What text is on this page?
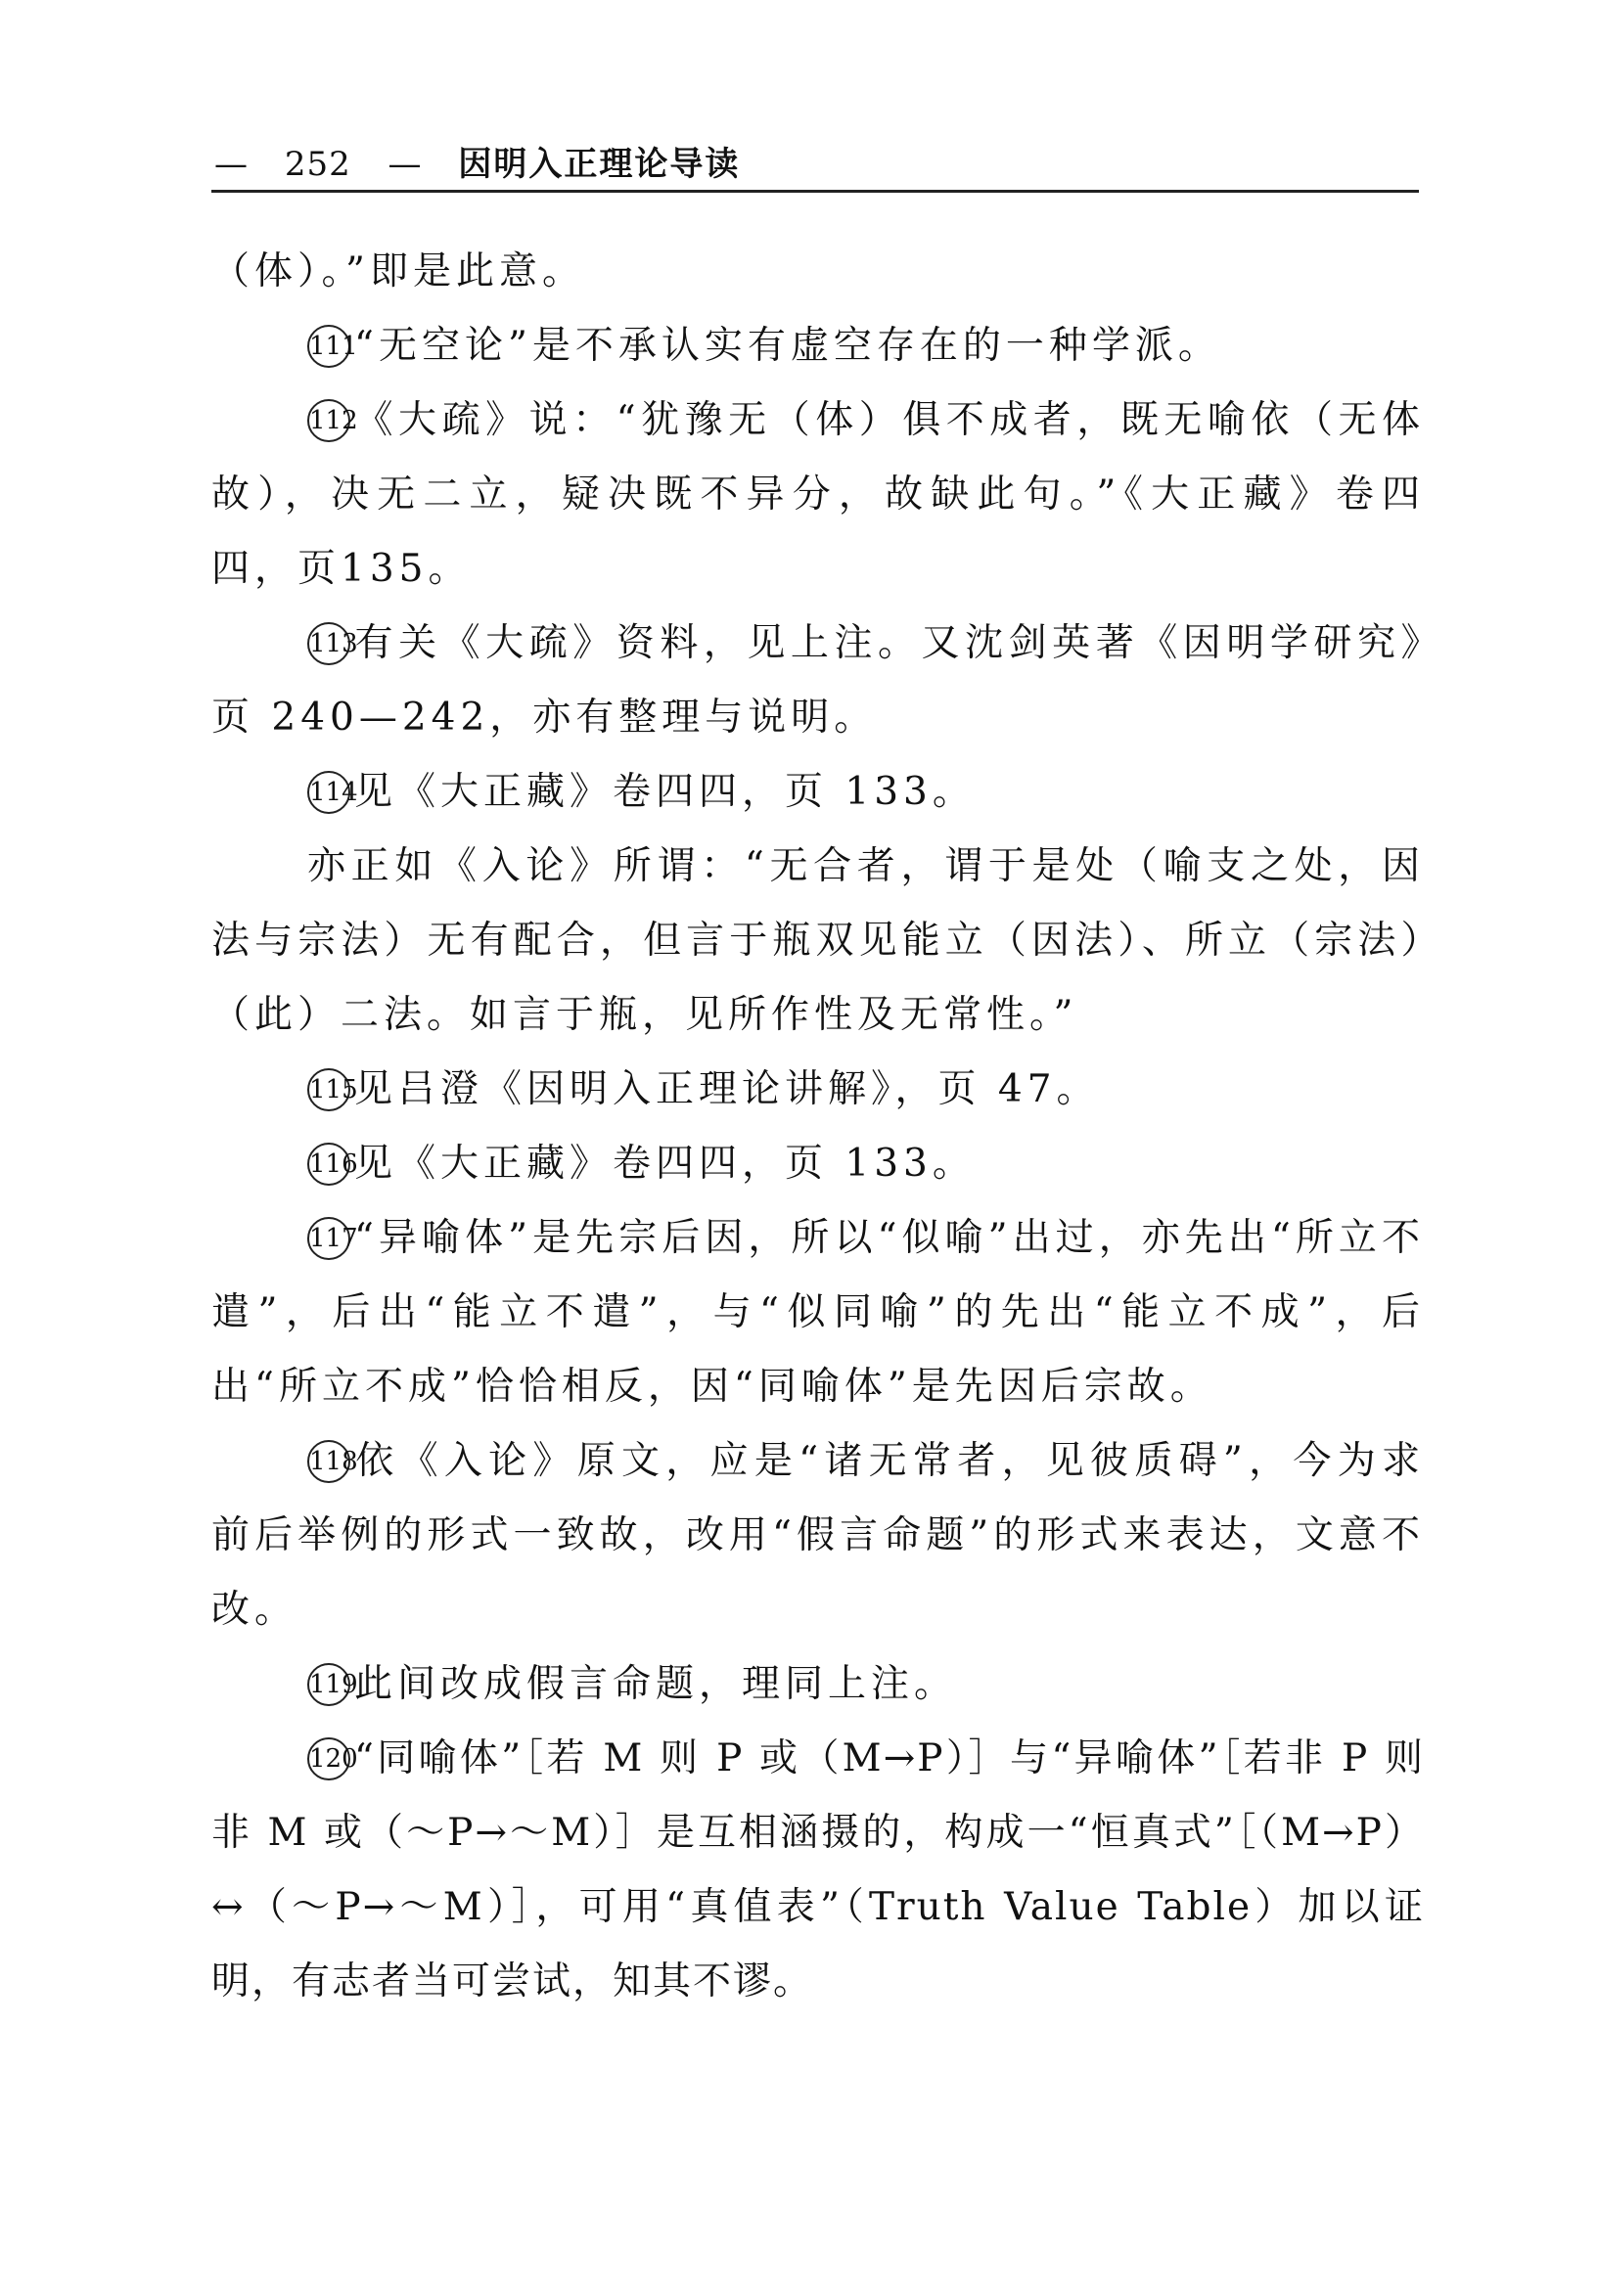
— 252 — 因明入正理论导读

（体）。”即是此意。

111“无空论”是不承认实有虚空存在的一种学派。

112《大疏》说：“犹豫无（体）俱不成者，既无喻依（无体故），决无二立，疑决既不异分，故缺此句。”《大正藏》卷四四，页135。

113有关《大疏》资料，见上注。又沈剑英著《因明学研究》页 240—242，亦有整理与说明。

114见《大正藏》卷四四，页 133。

亦正如《入论》所谓：“无合者，谓于是处（喻支之处，因法与宗法）无有配合，但言于瓶双见能立（因法）、所立（宗法）（此）二法。如言于瓶，见所作性及无常性。”

115见吕澄《因明入正理论讲解》，页 47。

116见《大正藏》卷四四，页 133。

117“异喻体”是先宗后因，所以“似喻”出过，亦先出“所立不遣”，后出“能立不遣”，与“似同喻”的先出“能立不成”，后出“所立不成”恰恰相反，因“同喻体”是先因后宗故。

118依《入论》原文，应是“诸无常者，见彼质碍”，今为求前后举例的形式一致故，改用“假言命题”的形式来表达，文意不改。

119此间改成假言命题，理同上注。

120“同喻体”［若 M 则 P 或（M→P）］与“异喻体”［若非 P 则非 M 或（～P→～M）］是互相涵摄的，构成一“恒真式”［（M→P）↔（～P→～M）］，可用“真值表”（Truth Value Table）加以证明，有志者当可尝试，知其不谬。
